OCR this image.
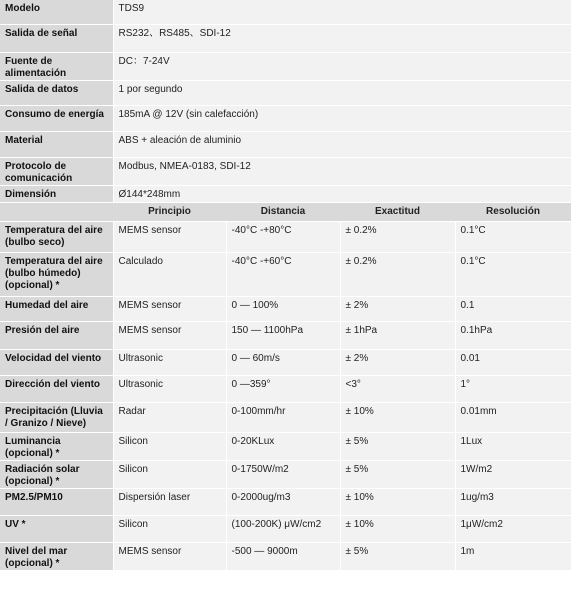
Modelo	TDS9			
Salida de señal	RS232、RS485、SDI-12			
Fuente de alimentación	DC：7-24V			
Salida de datos	1 por segundo			
Consumo de energía	185mA @ 12V (sin calefacción)			
Material	ABS + aleación de aluminio			
Protocolo de comunicación	Modbus, NMEA-0183, SDI-12			
Dimensión	Ø144*248mm			
	Principio	Distancia	Exactitud	Resolución
Temperatura del aire (bulbo seco)	MEMS sensor	-40°C -+80°C	± 0.2%	0.1°C
Temperatura del aire (bulbo húmedo) (opcional) *	Calculado	-40°C -+60°C	± 0.2%	0.1°C
Humedad del aire	MEMS sensor	0 — 100%	± 2%	0.1
Presión del aire	MEMS sensor	150 — 1100hPa	± 1hPa	0.1hPa
Velocidad del viento	Ultrasonic	0 — 60m/s	± 2%	0.01
Dirección del viento	Ultrasonic	0 —359°	<3°	1°
Precipitación (Lluvia / Granizo / Nieve)	Radar	0-100mm/hr	± 10%	0.01mm
Luminancia (opcional) *	Silicon	0-20KLux	± 5%	1Lux
Radiación solar (opcional) *	Silicon	0-1750W/m2	± 5%	1W/m2
PM2.5/PM10	Dispersión laser	0-2000ug/m3	± 10%	1ug/m3
UV *	Silicon	(100-200K) μW/cm2	± 10%	1μW/cm2
Nivel del mar (opcional) *	MEMS sensor	-500 — 9000m	± 5%	1m
